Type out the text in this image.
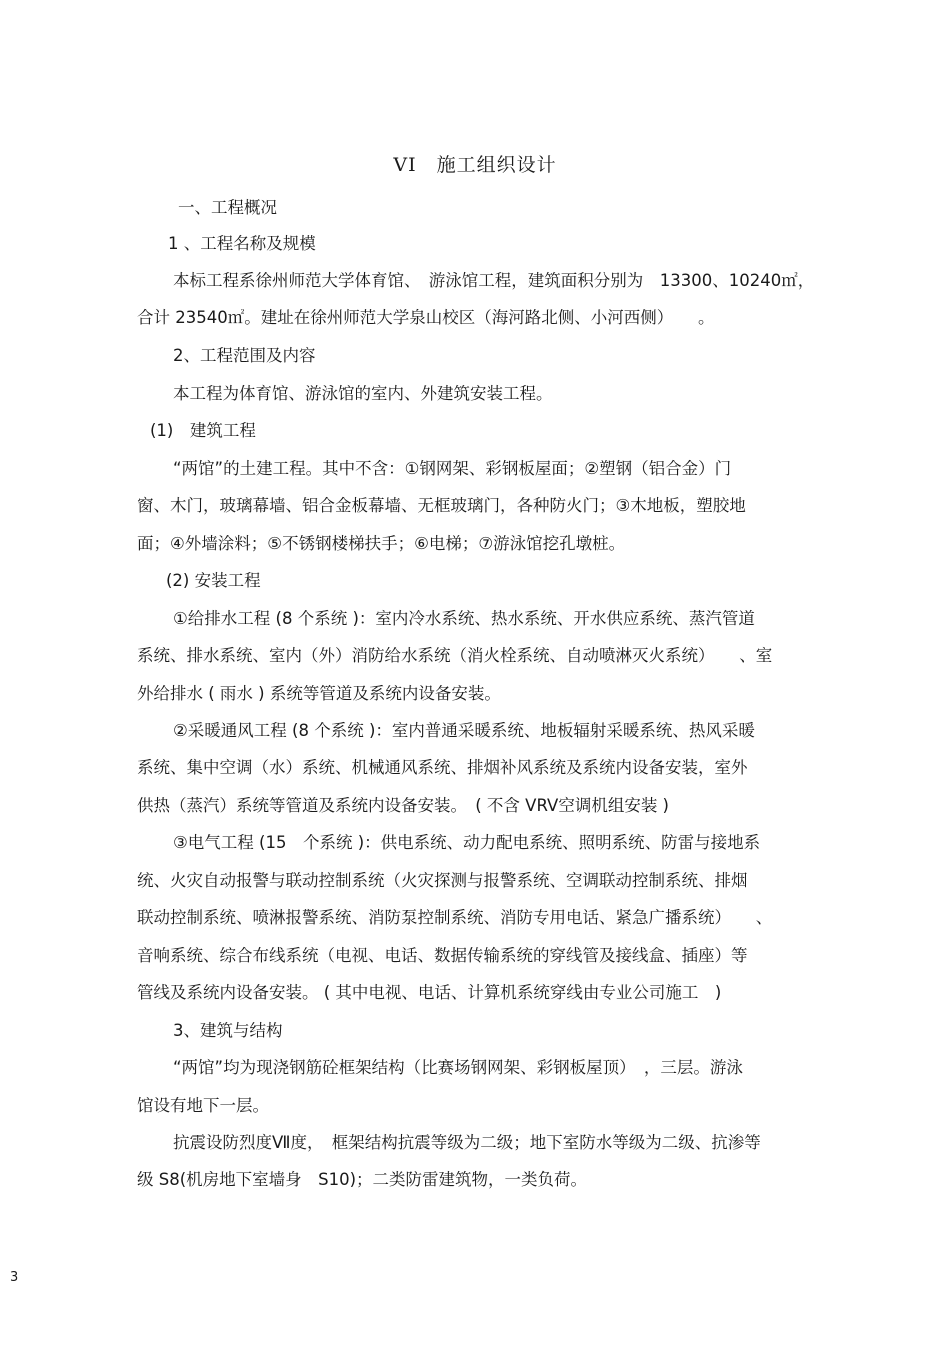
VI　施工组织设计
一、工程概况
1 、工程名称及规模
本标工程系徐州师范大学体育馆、　游泳馆工程，建筑面积分别为　13300、10240㎡，
合计 23540㎡。建址在徐州师范大学泉山校区（海河路北侧、小河西侧）　　。
2、工程范围及内容
本工程为体育馆、游泳馆的室内、外建筑安装工程。
(1)　建筑工程
“两馆”的土建工程。其中不含：①钢网架、彩钢板屋面；②塑钢（铝合金）门
窗、木门，玻璃幕墙、铝合金板幕墙、无框玻璃门，各种防火门；③木地板，塑胶地
面；④外墙涂料；⑤不锈钢楼梯扶手；⑥电梯；⑦游泳馆挖孔墩桩。
(2) 安装工程
①给排水工程 (8 个系统 )：室内冷水系统、热水系统、开水供应系统、蒸汽管道
系统、排水系统、室内（外）消防给水系统（消火栓系统、自动喷淋灭火系统）　　、室
外给排水 ( 雨水 ) 系统等管道及系统内设备安装。
②采暖通风工程 (8 个系统 )：室内普通采暖系统、地板辐射采暖系统、热风采暖
系统、集中空调（水）系统、机械通风系统、排烟补风系统及系统内设备安装，室外
供热（蒸汽）系统等管道及系统内设备安装。　( 不含 VRV空调机组安装 )
③电气工程 (15　个系统 )：供电系统、动力配电系统、照明系统、防雷与接地系
统、火灾自动报警与联动控制系统（火灾探测与报警系统、空调联动控制系统、排烟
联动控制系统、喷淋报警系统、消防泵控制系统、消防专用电话、紧急广播系统）　　、
音响系统、综合布线系统（电视、电话、数据传输系统的穿线管及接线盒、插座）等
管线及系统内设备安装。 ( 其中电视、电话、计算机系统穿线由专业公司施工　)
3、建筑与结构
“两馆”均为现浇钢筋砼框架结构（比赛场钢网架、彩钢板屋顶）　，三层。游泳
馆设有地下一层。
抗震设防烈度Ⅶ度，　框架结构抗震等级为二级；地下室防水等级为二级、抗渗等
级 S8(机房地下室墙身　S10)；二类防雷建筑物，一类负荷。
3
